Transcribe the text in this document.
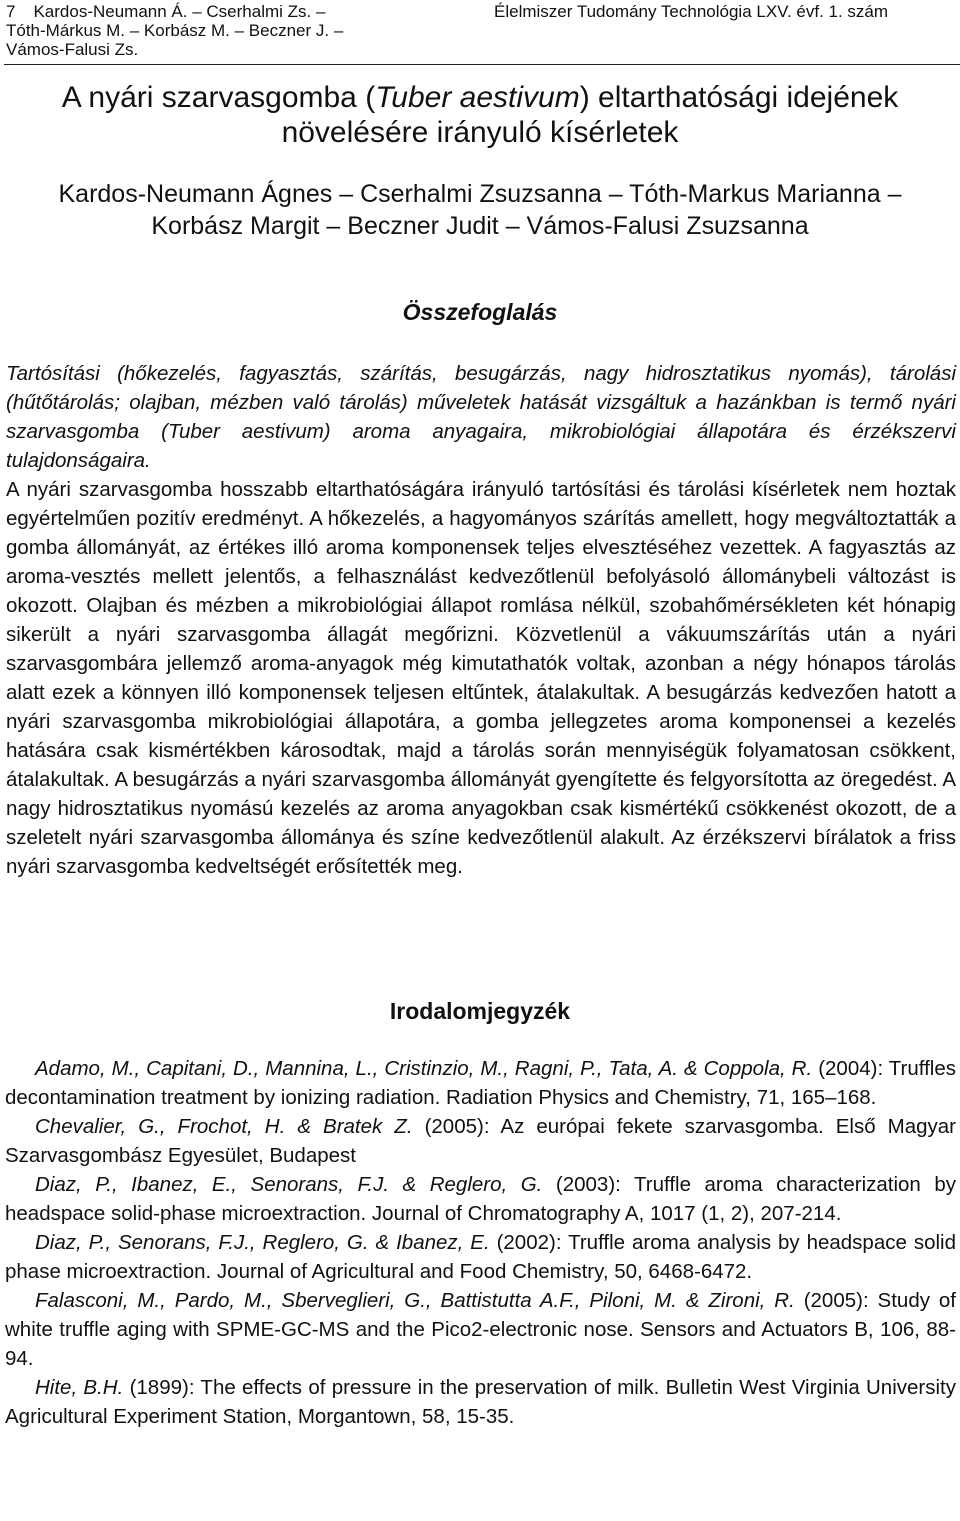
7 Kardos-Neumann Á. – Cserhalmi Zs. –
Tóth-Márkus M. – Korbász M. – Beczner J. –
Vámos-Falusi Zs.
Élelmiszer Tudomány Technológia LXV. évf. 1. szám
A nyári szarvasgomba (Tuber aestivum) eltarthatósági idejének
növelésére irányuló kísérletek
Kardos-Neumann Ágnes – Cserhalmi Zsuzsanna – Tóth-Markus Marianna –
Korbász Margit – Beczner Judit – Vámos-Falusi Zsuzsanna
Összefoglalás

Tartósítási (hőkezelés, fagyasztás, szárítás, besugárzás, nagy hidrosztatikus nyomás), tárolási (hűtőtárolás; olajban, mézben való tárolás) műveletek hatását vizsgáltuk a hazánkban is termő nyári szarvasgomba (Tuber aestivum) aroma anyagaira, mikrobiológiai állapotára és érzékszervi tulajdonságaira.

A nyári szarvasgomba hosszabb eltarthatóságára irányuló tartósítási és tárolási kísérletek nem hoztak egyértelműen pozitív eredményt. A hőkezelés, a hagyományos szárítás amellett, hogy megváltoztatták a gomba állományát, az értékes illó aroma komponensek teljes elvesztéséhez vezettek. A fagyasztás az aroma-vesztés mellett jelentős, a felhasználást kedvezőtlenül befolyásoló állománybeli változást is okozott. Olajban és mézben a mikrobiológiai állapot romlása nélkül, szobahőmérsékleten két hónapig sikerült a nyári szarvasgomba állagát megőrizni. Közvetlenül a vákuumszárítás után a nyári szarvasgombára jellemző aroma-anyagok még kimutathatók voltak, azonban a négy hónapos tárolás alatt ezek a könnyen illó komponensek teljesen eltűntek, átalakultak. A besugárzás kedvezően hatott a nyári szarvasgomba mikrobiológiai állapotára, a gomba jellegzetes aroma komponensei a kezelés hatására csak kismértékben károsodtak, majd a tárolás során mennyiségük folyamatosan csökkent, átalakultak. A besugárzás a nyári szarvasgomba állományát gyengítette és felgyorsította az öregedést. A nagy hidrosztatikus nyomású kezelés az aroma anyagokban csak kismértékű csökkenést okozott, de a szeletelt nyári szarvasgomba állománya és színe kedvezőtlenül alakult. Az érzékszervi bírálatok a friss nyári szarvasgomba kedveltségét erősítették meg.

Irodalomjegyzék

Adamo, M., Capitani, D., Mannina, L., Cristinzio, M., Ragni, P., Tata, A. & Coppola, R. (2004): Truffles decontamination treatment by ionizing radiation. Radiation Physics and Chemistry, 71, 165–168.

Chevalier, G., Frochot, H. & Bratek Z. (2005): Az európai fekete szarvasgomba. Első Magyar Szarvasgombász Egyesület, Budapest

Diaz, P., Ibanez, E., Senorans, F.J. & Reglero, G. (2003): Truffle aroma characterization by headspace solid-phase microextraction. Journal of Chromatography A, 1017 (1, 2), 207-214.

Diaz, P., Senorans, F.J., Reglero, G. & Ibanez, E. (2002): Truffle aroma analysis by headspace solid phase microextraction. Journal of Agricultural and Food Chemistry, 50, 6468-6472.

Falasconi, M., Pardo, M., Sberveglieri, G., Battistutta A.F., Piloni, M. & Zironi, R. (2005): Study of white truffle aging with SPME-GC-MS and the Pico2-electronic nose. Sensors and Actuators B, 106, 88-94.

Hite, B.H. (1899): The effects of pressure in the preservation of milk. Bulletin West Virginia University Agricultural Experiment Station, Morgantown, 58, 15-35.
